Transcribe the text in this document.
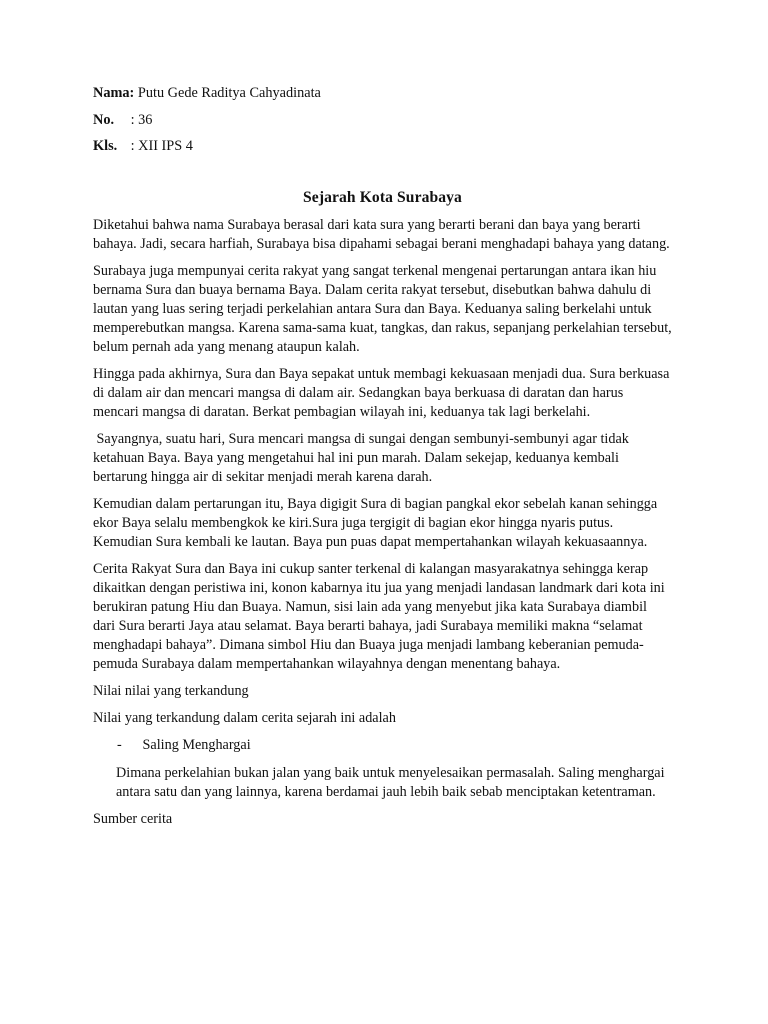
Nama: Putu Gede Raditya Cahyadinata
No. : 36
Kls. : XII IPS 4
Sejarah Kota Surabaya

Diketahui bahwa nama Surabaya berasal dari kata sura yang berarti berani dan baya yang berarti bahaya. Jadi, secara harfiah, Surabaya bisa dipahami sebagai berani menghadapi bahaya yang datang.

Surabaya juga mempunyai cerita rakyat yang sangat terkenal mengenai pertarungan antara ikan hiu bernama Sura dan buaya bernama Baya. Dalam cerita rakyat tersebut, disebutkan bahwa dahulu di lautan yang luas sering terjadi perkelahian antara Sura dan Baya. Keduanya saling berkelahi untuk memperebutkan mangsa. Karena sama-sama kuat, tangkas, dan rakus, sepanjang perkelahian tersebut, belum pernah ada yang menang ataupun kalah.

Hingga pada akhirnya, Sura dan Baya sepakat untuk membagi kekuasaan menjadi dua. Sura berkuasa di dalam air dan mencari mangsa di dalam air. Sedangkan baya berkuasa di daratan dan harus mencari mangsa di daratan. Berkat pembagian wilayah ini, keduanya tak lagi berkelahi.

Sayangnya, suatu hari, Sura mencari mangsa di sungai dengan sembunyi-sembunyi agar tidak ketahuan Baya. Baya yang mengetahui hal ini pun marah. Dalam sekejap, keduanya kembali bertarung hingga air di sekitar menjadi merah karena darah.

Kemudian dalam pertarungan itu, Baya digigit Sura di bagian pangkal ekor sebelah kanan sehingga ekor Baya selalu membengkok ke kiri.Sura juga tergigit di bagian ekor hingga nyaris putus. Kemudian Sura kembali ke lautan. Baya pun puas dapat mempertahankan wilayah kekuasaannya.

Cerita Rakyat Sura dan Baya ini cukup santer terkenal di kalangan masyarakatnya sehingga kerap dikaitkan dengan peristiwa ini, konon kabarnya itu jua yang menjadi landasan landmark dari kota ini berukiran patung Hiu dan Buaya. Namun, sisi lain ada yang menyebut jika kata Surabaya diambil dari Sura berarti Jaya atau selamat. Baya berarti bahaya, jadi Surabaya memiliki makna “selamat menghadapi bahaya”. Dimana simbol Hiu dan Buaya juga menjadi lambang keberanian pemuda-pemuda Surabaya dalam mempertahankan wilayahnya dengan menentang bahaya.

Nilai nilai yang terkandung

Nilai yang terkandung dalam cerita sejarah ini adalah

- Saling Menghargai

Dimana perkelahian bukan jalan yang baik untuk menyelesaikan permasalah. Saling menghargai antara satu dan yang lainnya, karena berdamai jauh lebih baik sebab menciptakan ketentraman.

Sumber cerita
